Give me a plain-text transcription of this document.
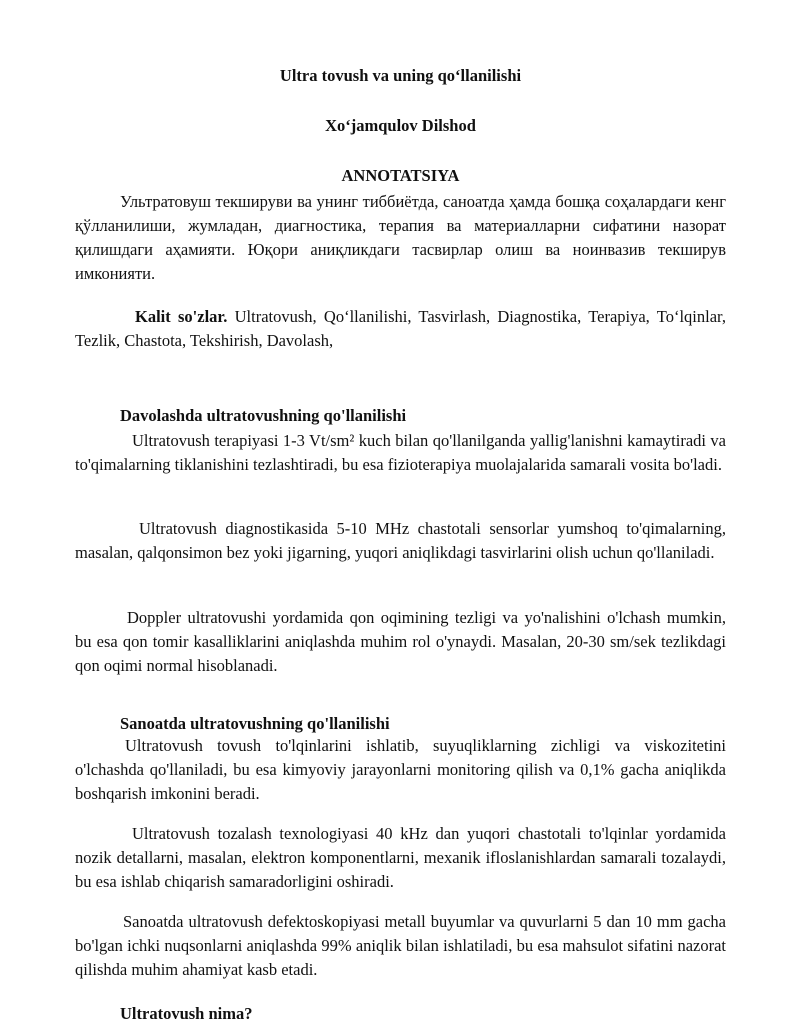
Ultra tovush va uning qo‘llanilishi
Xo‘jamqulov Dilshod
ANNOTATSIYA
Ультратовуш текшируви ва унинг тиббиётда, саноатда ҳамда бошқа соҳалардаги кенг қўлланилиши, жумладан, диагностика, терапия ва материалларни сифатини назорат қилишдаги аҳамияти. Юқори аниқликдаги тасвирлар олиш ва ноинвазив текширув имконияти.
Kalit so'zlar. Ultratovush, Qo‘llanilishi, Tasvirlash, Diagnostika, Terapiya, To‘lqinlar, Tezlik, Chastota, Tekshirish, Davolash,
Davolashda ultratovushning qo'llanilishi
Ultratovush terapiyasi 1-3 Vt/sm² kuch bilan qo'llanilganda yallig'lanishni kamaytiradi va to'qimalarning tiklanishini tezlashtiradi, bu esa fizioterapiya muolajalarida samarali vosita bo'ladi.
Ultratovush diagnostikasida 5-10 MHz chastotali sensorlar yumshoq to'qimalarning, masalan, qalqonsimon bez yoki jigarning, yuqori aniqlikdagi tasvirlarini olish uchun qo'llaniladi.
Doppler ultratovushi yordamida qon oqimining tezligi va yo'nalishini o'lchash mumkin, bu esa qon tomir kasalliklarini aniqlashda muhim rol o'ynaydi. Masalan, 20-30 sm/sek tezlikdagi qon oqimi normal hisoblanadi.
Sanoatda ultratovushning qo'llanilishi
Ultratovush tovush to'lqinlarini ishlatib, suyuqliklarning zichligi va viskozitetini o'lchashda qo'llaniladi, bu esa kimyoviy jarayonlarni monitoring qilish va 0,1% gacha aniqlikda boshqarish imkonini beradi.
Ultratovush tozalash texnologiyasi 40 kHz dan yuqori chastotali to'lqinlar yordamida nozik detallarni, masalan, elektron komponentlarni, mexanik ifloslanishlardan samarali tozalaydi, bu esa ishlab chiqarish samaradorligini oshiradi.
Sanoatda ultratovush defektoskopiyasi metall buyumlar va quvurlarni 5 dan 10 mm gacha bo'lgan ichki nuqsonlarni aniqlashda 99% aniqlik bilan ishlatiladi, bu esa mahsulot sifatini nazorat qilishda muhim ahamiyat kasb etadi.
Ultratovush nima?
